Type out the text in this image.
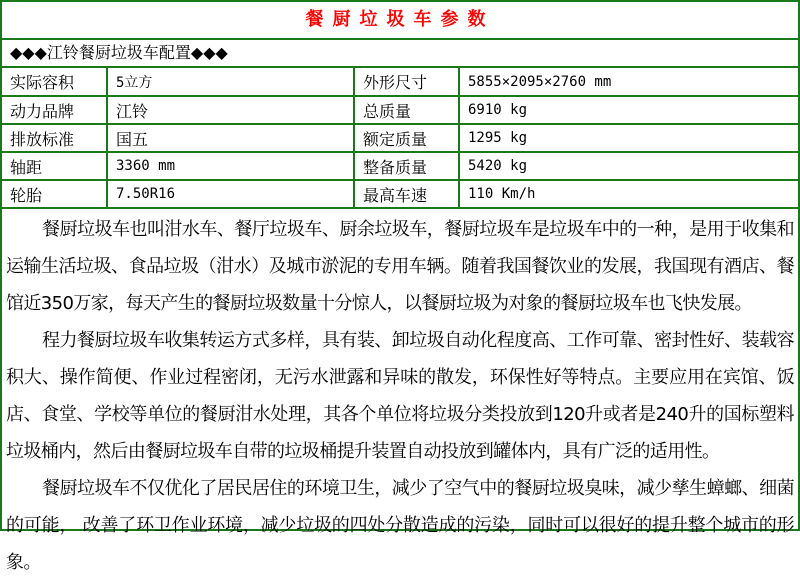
餐厨垃圾车参数
◆◆◆江铃餐厨垃圾车配置◆◆◆
实际容积	5立方	外形尺寸	5855×2095×2760 mm
动力品牌	江铃	总质量	6910 kg
排放标准	国五	额定质量	1295 kg
轴距	3360 mm	整备质量	5420 kg
轮胎	7.50R16	最高车速	110 Km/h

餐厨垃圾车也叫泔水车、餐厅垃圾车、厨余垃圾车，餐厨垃圾车是垃圾车中的一种，是用于收集和运输生活垃圾、食品垃圾（泔水）及城市淤泥的专用车辆。随着我国餐饮业的发展，我国现有酒店、餐馆近350万家，每天产生的餐厨垃圾数量十分惊人，以餐厨垃圾为对象的餐厨垃圾车也飞快发展。

程力餐厨垃圾车收集转运方式多样，具有装、卸垃圾自动化程度高、工作可靠、密封性好、装载容积大、操作简便、作业过程密闭，无污水泄露和异味的散发，环保性好等特点。主要应用在宾馆、饭店、食堂、学校等单位的餐厨泔水处理，其各个单位将垃圾分类投放到120升或者是240升的国标塑料垃圾桶内，然后由餐厨垃圾车自带的垃圾桶提升装置自动投放到罐体内，具有广泛的适用性。

餐厨垃圾车不仅优化了居民居住的环境卫生，减少了空气中的餐厨垃圾臭味，减少孳生蟑螂、细菌的可能， 改善了环卫作业环境，减少垃圾的四处分散造成的污染，同时可以很好的提升整个城市的形象。
